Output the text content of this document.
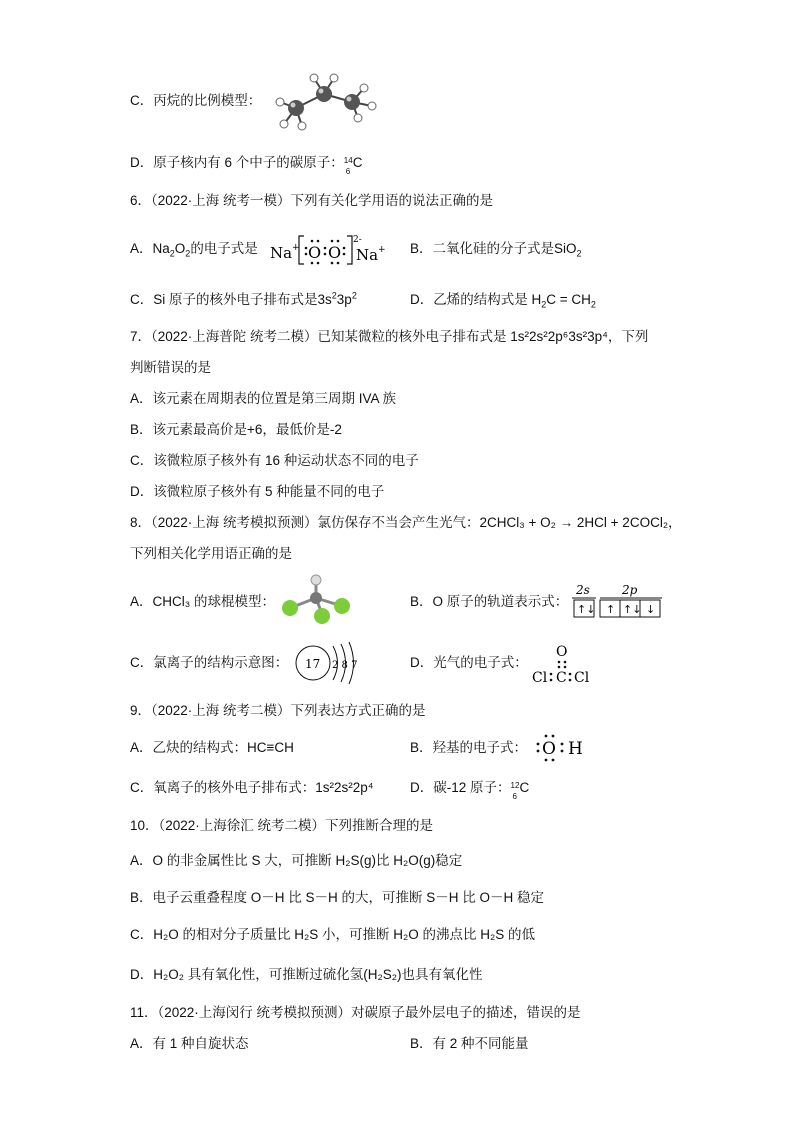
C．丙烷的比例模型：
D．原子核内有 6 个中子的碳原子： 14
6
C
6．（2022·上海 统考一模）下列有关化学用语的说法正确的是
A．$Na_2O_2$的电子式是 Na + O O
2-
Na + B．二氧化硅的分子式是SiO$_2$
C．Si 原子的核外电子排布式是$3s^23p^2$	D．乙烯的结构式是 $H_2C = CH_2$
7．（2022·上海普陀 统考二模）已知某微粒的核外电子排布式是 1s²2s²2p⁶3s²3p⁴，下列
判断错误的是
A．该元素在周期表的位置是第三周期 IVA 族
B．该元素最高价是+6，最低价是-2
C．该微粒原子核外有 16 种运动状态不同的电子
D．该微粒原子核外有 5 种能量不同的电子
8．（2022·上海 统考模拟预测）氯仿保存不当会产生光气：2CHCl₃ + O₂ → 2HCl + 2COCl₂，
下列相关化学用语正确的是
A．CHCl₃ 的球棍模型：	B．O 原子的轨道表示式：
2s	2p
↑↓ ↑ ↑↓ ↓
C．氯离子的结构示意图： 17 2 8 7	D．光气的电子式：
O
Cl C Cl
9．（2022·上海 统考二模）下列表达方式正确的是
A．乙炔的结构式：HC≡CH	B．羟基的电子式： O H
C．氧离子的核外电子排布式：1s²2s²2p⁴	D．碳-12 原子： 12
6
C
10．（2022·上海徐汇 统考二模）下列推断合理的是
A．O 的非金属性比 S 大，可推断 H₂S(g)比 H₂O(g)稳定
B．电子云重叠程度 O－H 比 S－H 的大，可推断 S－H 比 O－H 稳定
C．H₂O 的相对分子质量比 H₂S 小，可推断 H₂O 的沸点比 H₂S 的低
D．H₂O₂ 具有氧化性，可推断过硫化氢(H₂S₂)也具有氧化性
11．（2022·上海闵行 统考模拟预测）对碳原子最外层电子的描述，错误的是
A．有 1 种自旋状态	B．有 2 种不同能量
